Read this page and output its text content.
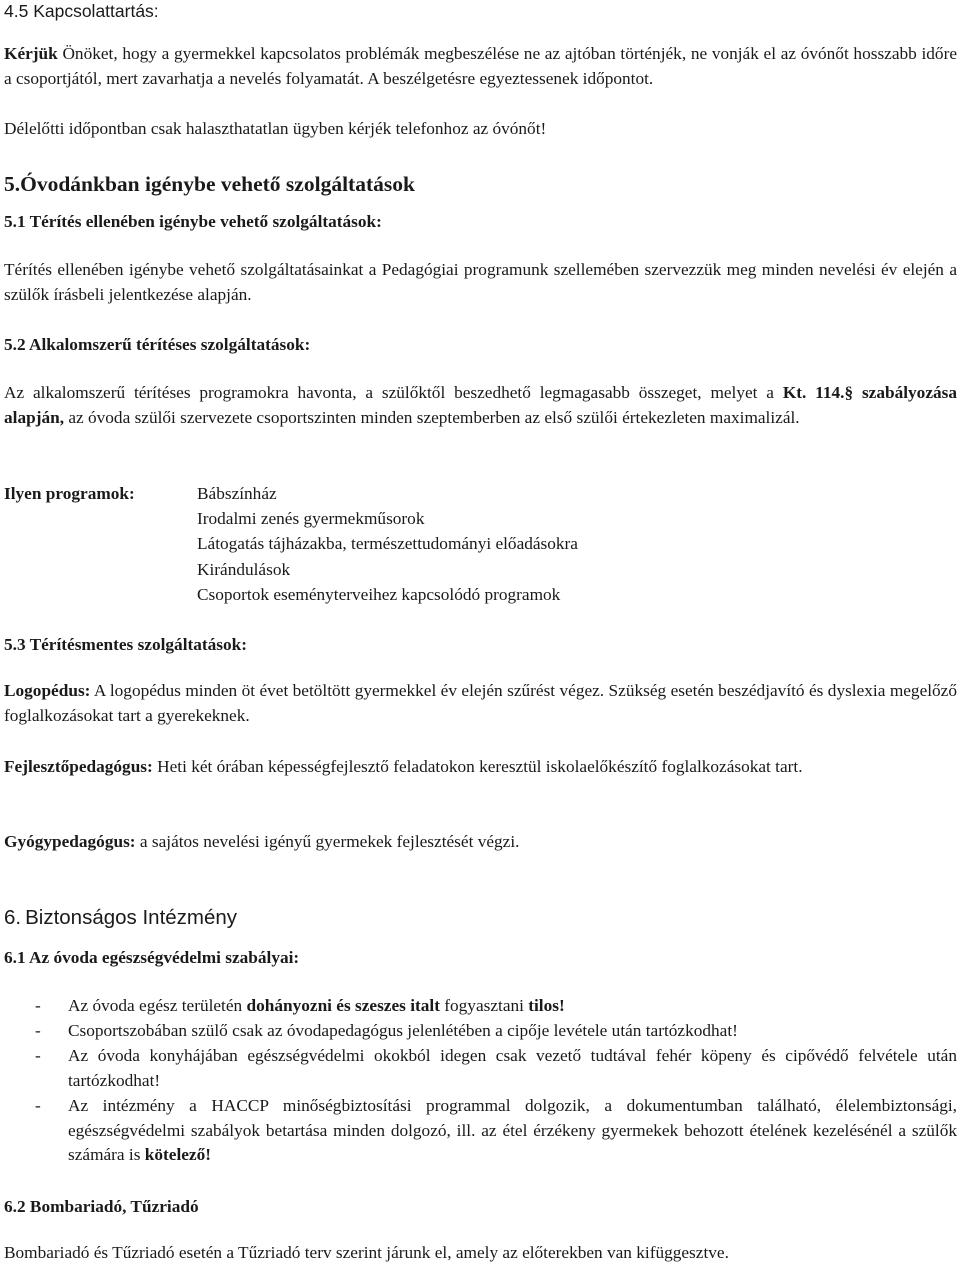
4.5 Kapcsolattartás:
Kérjük Önöket, hogy a gyermekkel kapcsolatos problémák megbeszélése ne az ajtóban történjék, ne vonják el az óvónőt hosszabb időre a csoportjától, mert zavarhatja a nevelés folyamatát. A beszélgetésre egyeztessenek időpontot.
Délelőtti időpontban csak halaszthatatlan ügyben kérjék telefonhoz az óvónőt!
5.Óvodánkban igénybe vehető szolgáltatások
5.1 Térítés ellenében igénybe vehető szolgáltatások:
Térítés ellenében igénybe vehető szolgáltatásainkat a Pedagógiai programunk szellemében szervezzük meg minden nevelési év elején a szülők írásbeli jelentkezése alapján.
5.2 Alkalomszerű térítéses szolgáltatások:
Az alkalomszerű térítéses programokra havonta, a szülőktől beszedhető legmagasabb összeget, melyet a Kt. 114.§ szabályozása alapján, az óvoda szülői szervezete csoportszinten minden szeptemberben az első szülői értekezleten maximalizál.
Ilyen programok:	Bábszínház
Irodalmi zenés gyermekműsorok
Látogatás tájházakba, természettudományi előadásokra
Kirándulások
Csoportok eseményterveihez kapcsolódó programok
5.3 Térítésmentes szolgáltatások:
Logopédus: A logopédus minden öt évet betöltött gyermekkel év elején szűrést végez. Szükség esetén beszédjavító és dyslexia megelőző foglalkozásokat tart a gyerekeknek.
Fejlesztőpedagógus: Heti két órában képességfejlesztő feladatokon keresztül iskolaelőkészítő foglalkozásokat tart.
Gyógypedagógus: a sajátos nevelési igényű gyermekek fejlesztését végzi.
6. Biztonságos Intézmény
6.1 Az óvoda egészségvédelmi szabályai:
- Az óvoda egész területén dohányozni és szeszes italt fogyasztani tilos!
- Csoportszobában szülő csak az óvodapedagógus jelenlétében a cipője levétele után tartózkodhat!
- Az óvoda konyhájában egészségvédelmi okokból idegen csak vezető tudtával fehér köpeny és cipővédő felvétele után tartózkodhat!
- Az intézmény a HACCP minőségbiztosítási programmal dolgozik, a dokumentumban található, élelembiztonsági, egészségvédelmi szabályok betartása minden dolgozó, ill. az étel érzékeny gyermekek behozott ételének kezelésénél a szülők számára is kötelező!
6.2 Bombariadó, Tűzriadó
Bombariadó és Tűzriadó esetén a Tűzriadó terv szerint járunk el, amely az előterekben van kifüggesztve.
